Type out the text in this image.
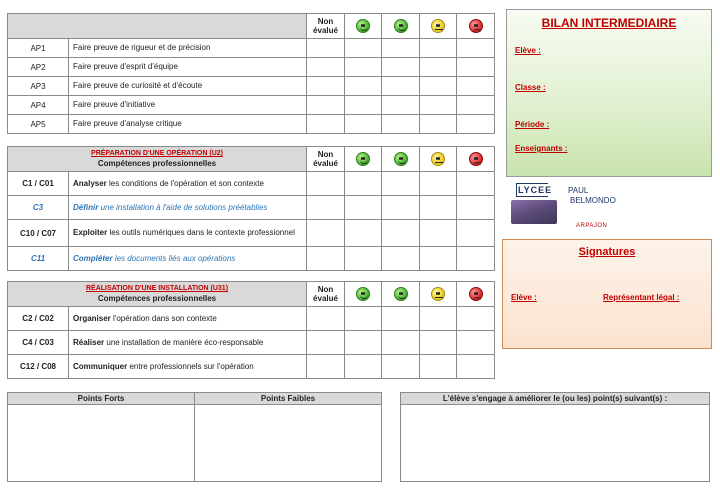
		Non évalué	

AP1	Faire preuve de rigueur et de précision					
AP2	Faire preuve d'esprit d'équipe					
AP3	Faire preuve de curiosité et d'écoute					
AP4	Faire preuve d'initiative					
AP5	Faire preuve d'analyse critique					
PRÉPARATION D'UNE OPÉRATION (U2)
Compétences professionnelles		Non évalué	

C1 / C01	Analyser les conditions de l'opération et son contexte					
C3	Définir une installation à l'aide de solutions préétablies					
C10 / C07	Exploiter les outils numériques dans le contexte professionnel					
C11	Compléter les documents liés aux opérations					
RÉALISATION D'UNE INSTALLATION (U31)
Compétences professionnelles		Non évalué	

C2 / C02	Organiser l'opération dans son contexte					
C4 / C03	Réaliser une installation de manière éco-responsable					
C12 / C08	Communiquer entre professionnels sur l'opération					
BILAN INTERMEDIAIRE
Elève :
Classe :
Période :
Enseignants :
LYCEE PAUL
BELMONDO
ARPAJON
Signatures
Elève :	Représentant légal :
Points Forts	Points Faibles
		L'élève s'engage à améliorer le (ou les) point(s) suivant(s) :
